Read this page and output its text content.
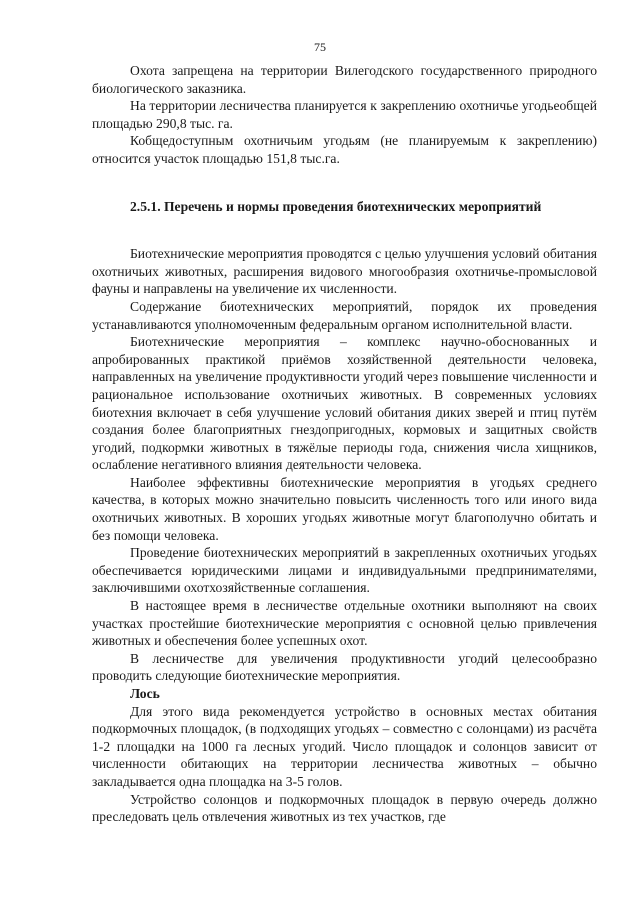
75

Охота запрещена на территории Вилегодского государственного природного биологического заказника.

На территории лесничества планируется к закреплению охотничье угодьеобщей площадью 290,8 тыс. га.

Кобщедоступным охотничьим угодьям (не планируемым к закреплению) относится участок площадью 151,8 тыс.га.

2.5.1. Перечень и нормы проведения биотехнических мероприятий

Биотехнические мероприятия проводятся с целью улучшения условий обитания охотничьих животных, расширения видового многообразия охотничье-промысловой фауны и направлены на увеличение их численности.

Содержание биотехнических мероприятий, порядок их проведения устанавливаются уполномоченным федеральным органом исполнительной власти.

Биотехнические мероприятия – комплекс научно-обоснованных и апробированных практикой приёмов хозяйственной деятельности человека, направленных на увеличение продуктивности угодий через повышение численности и рациональное использование охотничьих животных. В современных условиях биотехния включает в себя улучшение условий обитания диких зверей и птиц путём создания более благоприятных гнездопригодных, кормовых и защитных свойств угодий, подкормки животных в тяжёлые периоды года, снижения числа хищников, ослабление негативного влияния деятельности человека.

Наиболее эффективны биотехнические мероприятия в угодьях среднего качества, в которых можно значительно повысить численность того или иного вида охотничьих животных. В хороших угодьях животные могут благополучно обитать и без помощи человека.

Проведение биотехнических мероприятий в закрепленных охотничьих угодьях обеспечивается юридическими лицами и индивидуальными предпринимателями, заключившими охотхозяйственные соглашения.

В настоящее время в лесничестве отдельные охотники выполняют на своих участках простейшие биотехнические мероприятия с основной целью привлечения животных и обеспечения более успешных охот.

В лесничестве для увеличения продуктивности угодий целесообразно проводить следующие биотехнические мероприятия.

Лось

Для этого вида рекомендуется устройство в основных местах обитания подкормочных площадок, (в подходящих угодьях – совместно с солонцами) из расчёта 1-2 площадки на 1000 га лесных угодий. Число площадок и солонцов зависит от численности обитающих на территории лесничества животных – обычно закладывается одна площадка на 3-5 голов.

Устройство солонцов и подкормочных площадок в первую очередь должно преследовать цель отвлечения животных из тех участков, где
